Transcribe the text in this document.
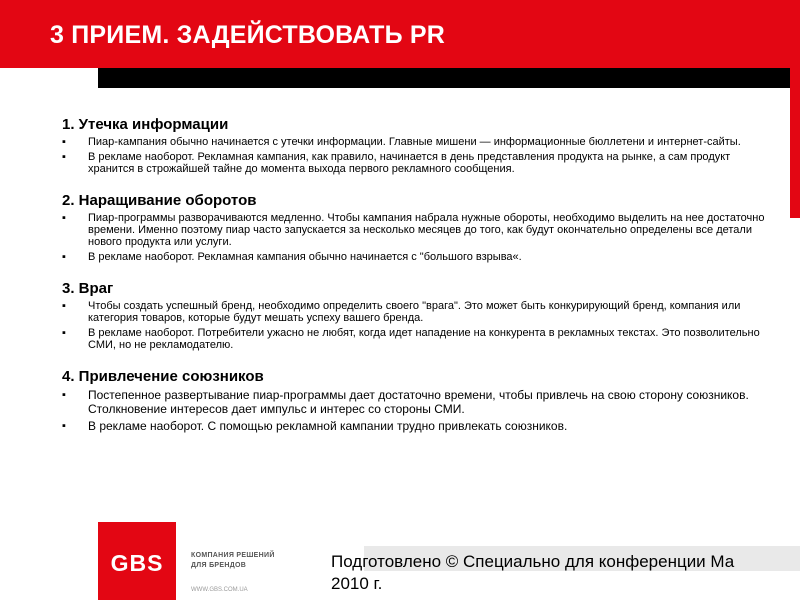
3 ПРИЕМ. ЗАДЕЙСТВОВАТЬ PR
1. Утечка информации
▪ Пиар-кампания обычно начинается с утечки информации. Главные мишени — информационные бюллетени и интернет-сайты.
▪ В рекламе наоборот. Рекламная кампания, как правило, начинается в день представления продукта на рынке, а сам продукт хранится в строжайшей тайне до момента выхода первого рекламного сообщения.
2. Наращивание оборотов
▪ Пиар-программы разворачиваются медленно. Чтобы кампания набрала нужные обороты, необходимо выделить на нее достаточно времени. Именно поэтому пиар часто запускается за несколько месяцев до того, как будут окончательно определены все детали нового продукта или услуги.
▪ В рекламе наоборот. Рекламная кампания обычно начинается с "большого взрыва«.
3. Враг
▪ Чтобы создать успешный бренд, необходимо определить своего "врага". Это может быть конкурирующий бренд, компания или категория товаров, которые будут мешать успеху вашего бренда.
▪ В рекламе наоборот. Потребители ужасно не любят, когда идет нападение на конкурента в рекламных текстах. Это позволительно СМИ, но не рекламодателю.
4. Привлечение союзников
▪ Постепенное развертывание пиар-программы дает достаточно времени, чтобы привлечь на свою сторону союзников. Столкновение интересов дает импульс и интерес со стороны СМИ.
▪ В рекламе наоборот. С помощью рекламной кампании трудно привлекать союзников.
GBS	КОМПАНИЯ РЕШЕНИЙ
ДЛЯ БРЕНДОВ
WWW.GBS.COM.UA
Подготовлено © Специально для конференции Ма
2010 г.
